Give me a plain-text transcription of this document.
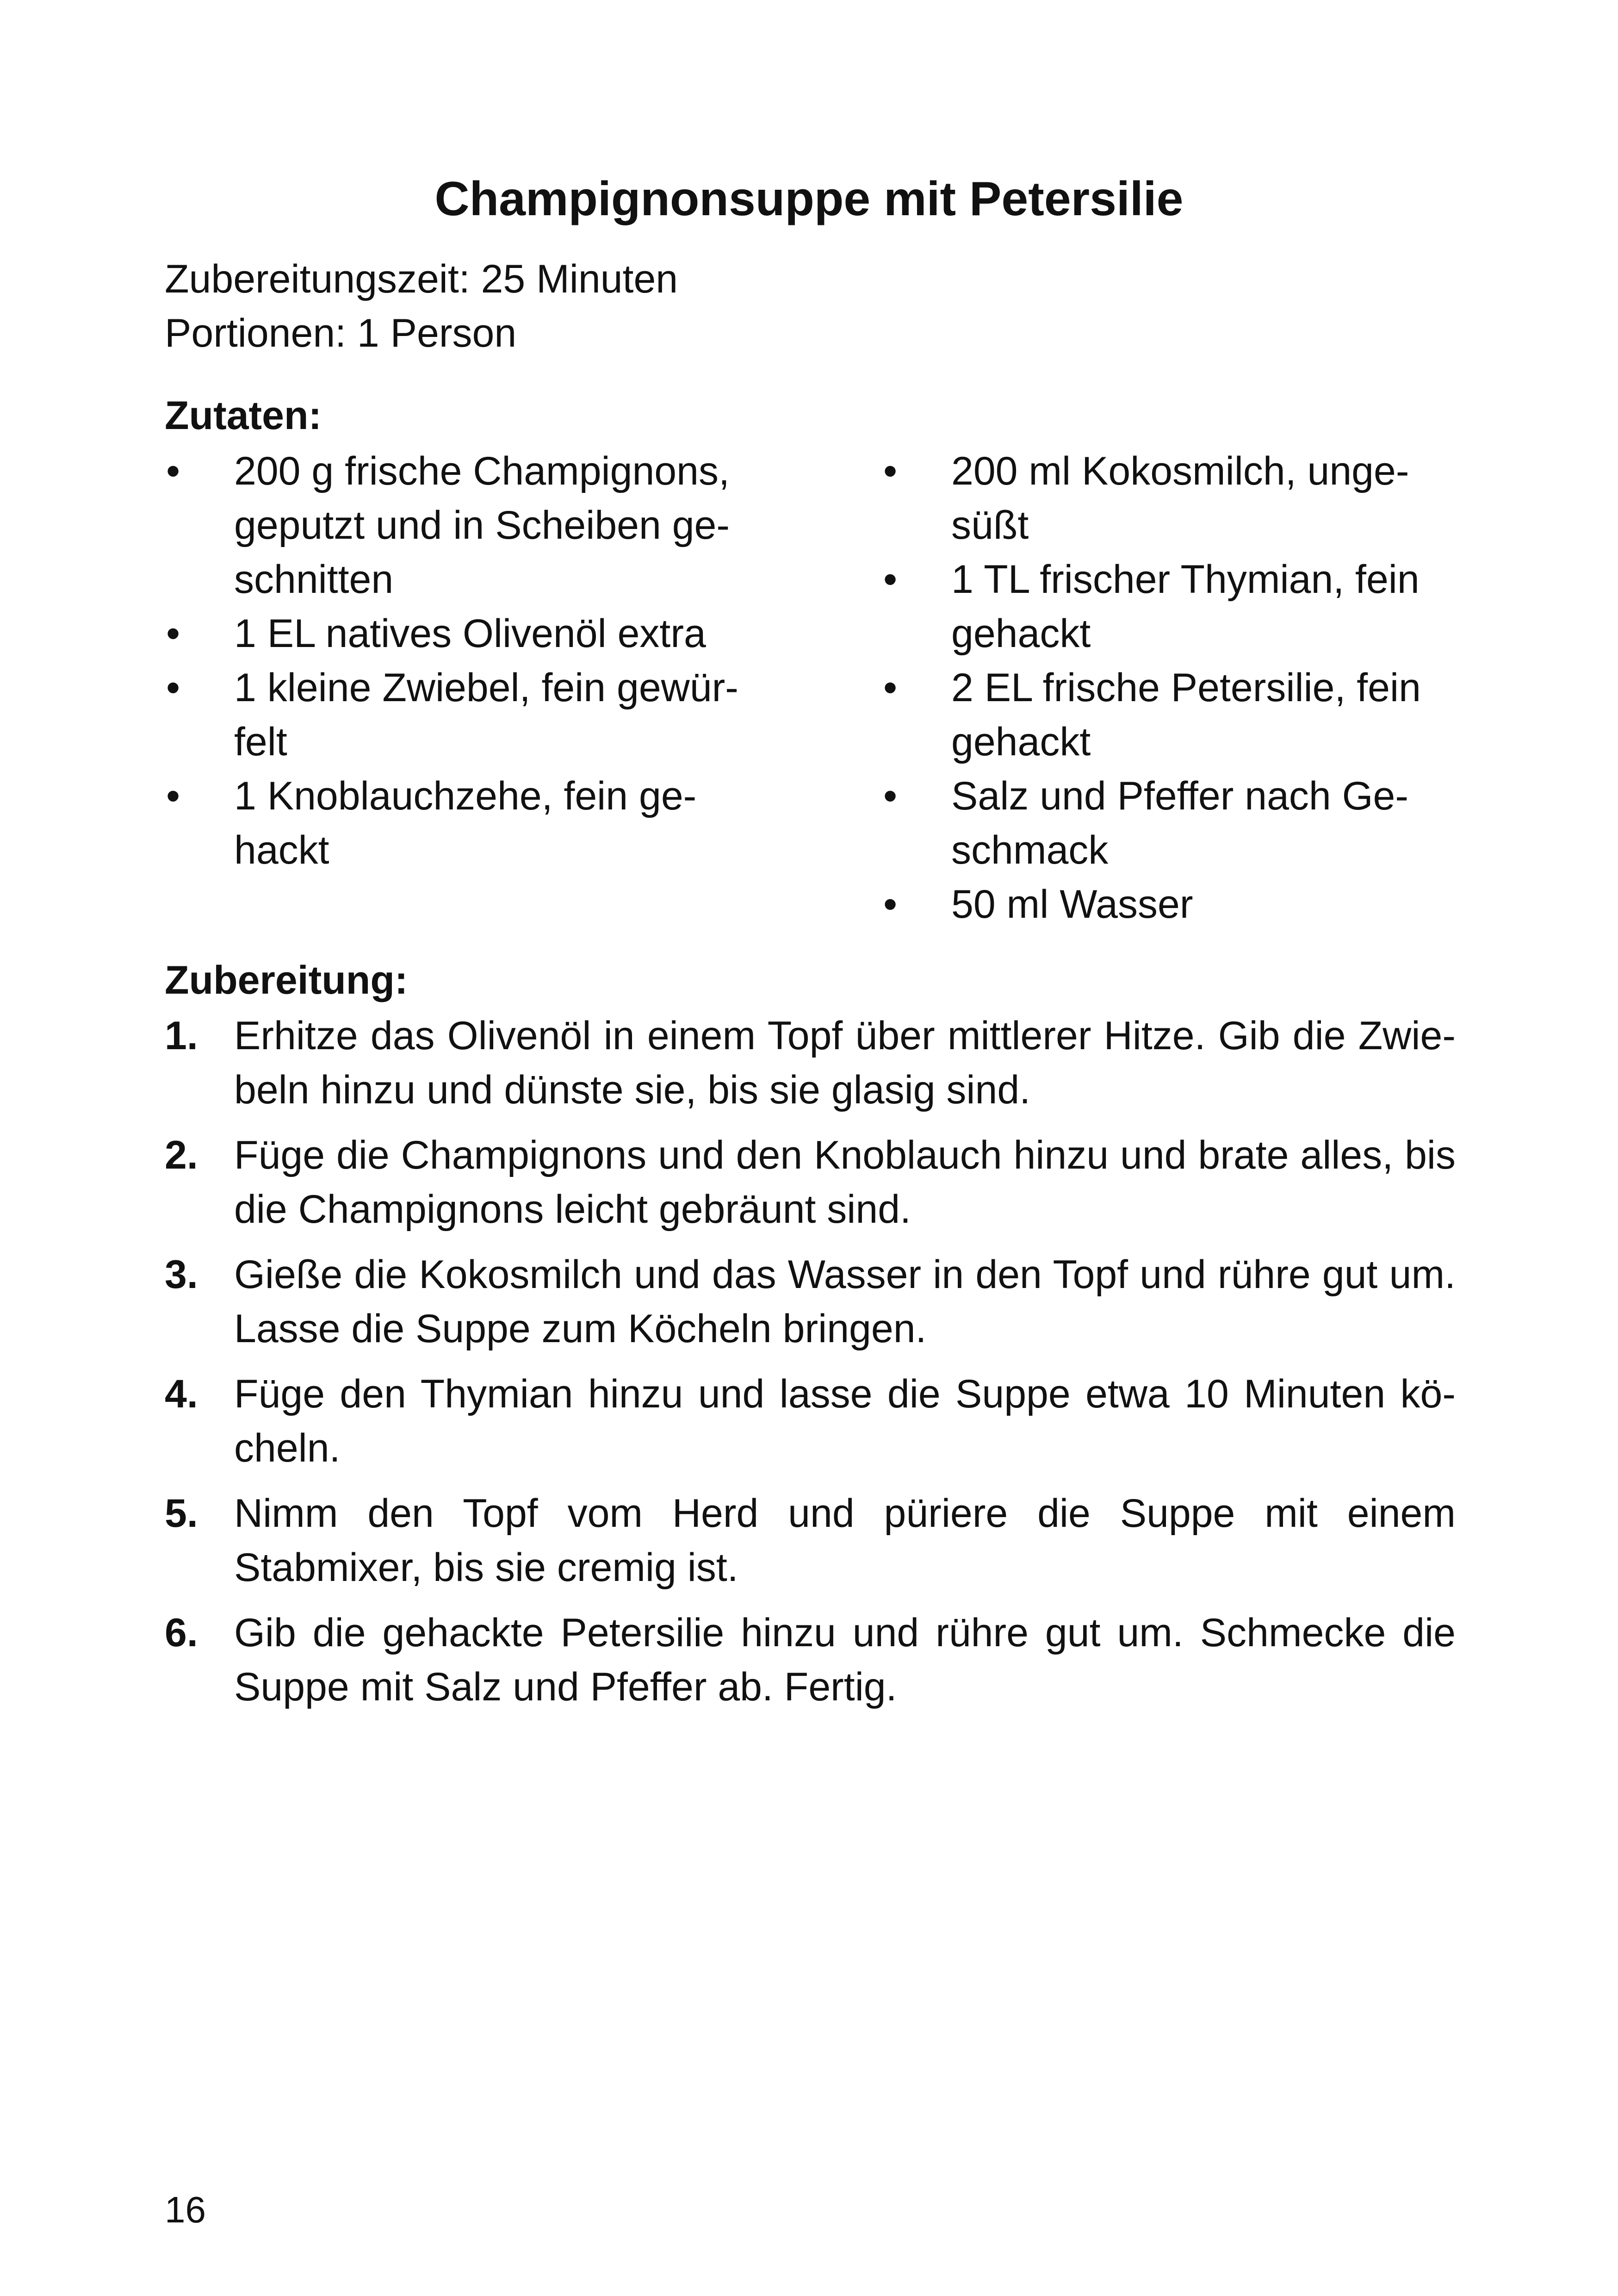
Champignonsuppe mit Petersilie
Zubereitungszeit: 25 Minuten
Portionen: 1 Person
Zutaten:
• 200 g frische Champignons, geputzt und in Scheiben geschnitten
• 1 EL natives Olivenöl extra
• 1 kleine Zwiebel, fein gewürfelt
• 1 Knoblauchzehe, fein gehackt
• 200 ml Kokosmilch, ungesüßt
• 1 TL frischer Thymian, fein gehackt
• 2 EL frische Petersilie, fein gehackt
• Salz und Pfeffer nach Geschmack
• 50 ml Wasser
Zubereitung:
1. Erhitze das Olivenöl in einem Topf über mittlerer Hitze. Gib die Zwiebeln hinzu und dünste sie, bis sie glasig sind.
2. Füge die Champignons und den Knoblauch hinzu und brate alles, bis die Champignons leicht gebräunt sind.
3. Gieße die Kokosmilch und das Wasser in den Topf und rühre gut um. Lasse die Suppe zum Köcheln bringen.
4. Füge den Thymian hinzu und lasse die Suppe etwa 10 Minuten köcheln.
5. Nimm den Topf vom Herd und püriere die Suppe mit einem Stabmixer, bis sie cremig ist.
6. Gib die gehackte Petersilie hinzu und rühre gut um. Schmecke die Suppe mit Salz und Pfeffer ab. Fertig.
16
